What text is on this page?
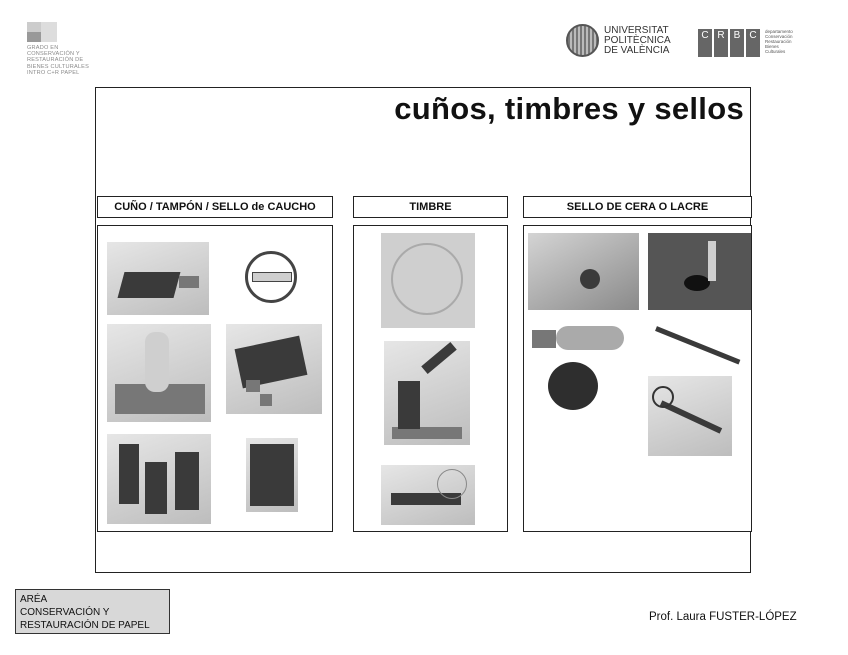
GRADO EN CONSERVACIÓN Y RESTAURACIÓN DE BIENES CULTURALES INTRO C+R PAPEL
UNIVERSITAT
POLITÈCNICA
DE VALÈNCIA
C R B C	departamento Conservación Restauración Bienes Culturales
cuños, timbres y sellos
CUÑO / TAMPÓN / SELLO de CAUCHO	TIMBRE	SELLO DE CERA O LACRE
ARÉA
CONSERVACIÓN Y
RESTAURACIÓN DE PAPEL
Prof. Laura FUSTER-LÓPEZ
